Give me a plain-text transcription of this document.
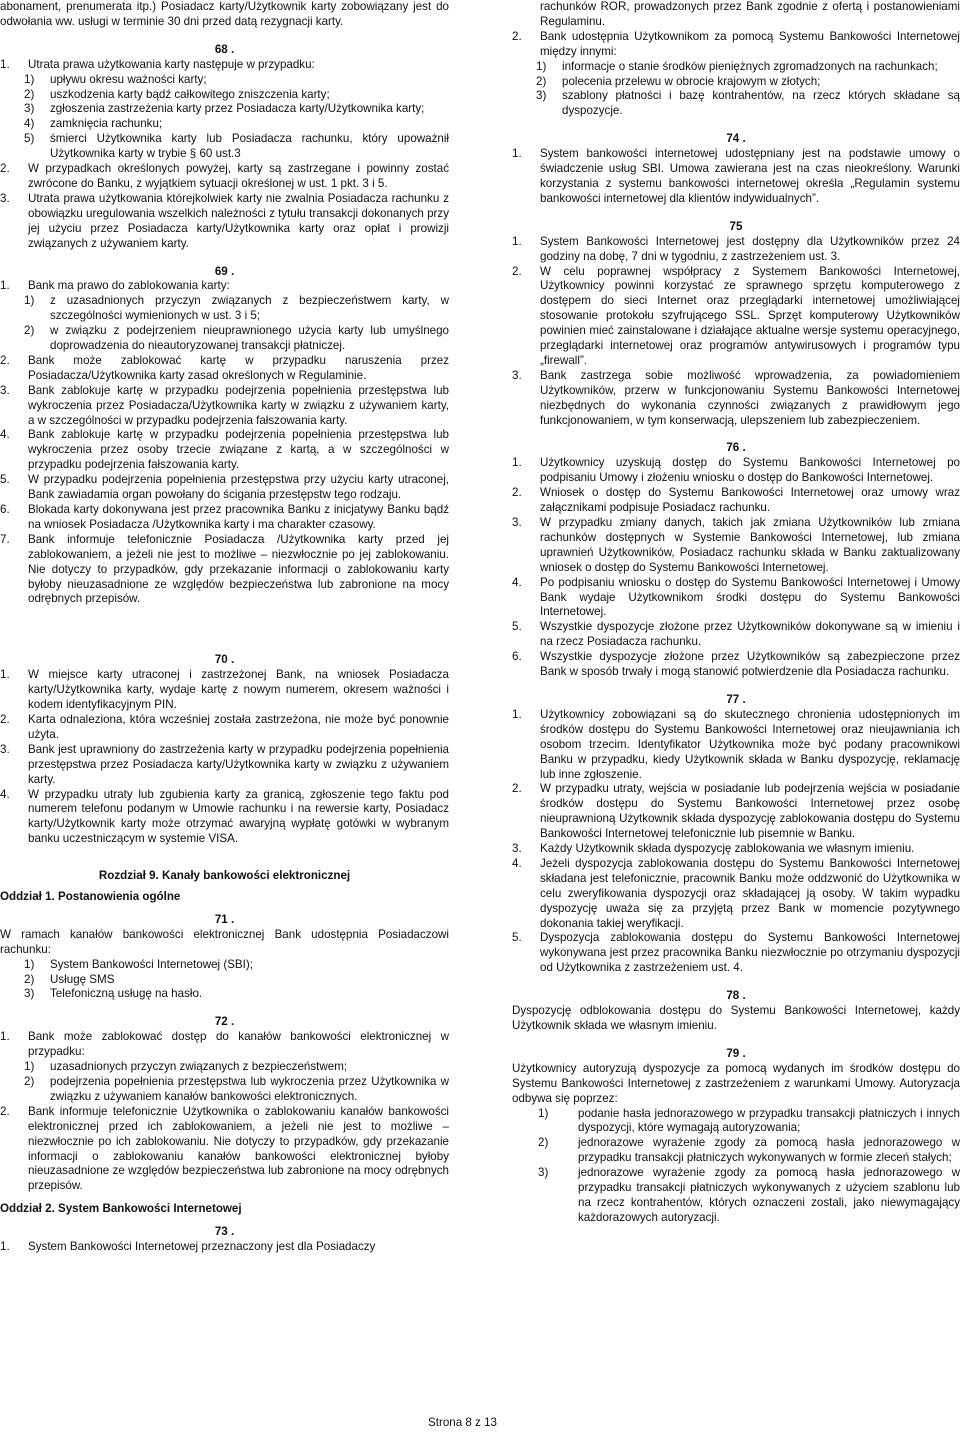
abonament, prenumerata itp.) Posiadacz karty/Użytkownik karty zobowiązany jest do odwołania ww. usługi w terminie 30 dni przed datą rezygnacji karty.
68 .
1.	Utrata prawa użytkowania karty następuje w przypadku:
1)	upływu okresu ważności karty;
2)	uszkodzenia karty bądź całkowitego zniszczenia karty;
3)	zgłoszenia zastrzeżenia karty przez Posiadacza karty/Użytkownika karty;
4)	zamknięcia rachunku;
5)	śmierci Użytkownika karty lub Posiadacza rachunku, który upoważnił Użytkownika karty w trybie § 60 ust.3
2.	W przypadkach określonych powyżej, karty są zastrzegane i powinny zostać zwrócone do Banku, z wyjątkiem sytuacji określonej w ust. 1 pkt. 3 i 5.
3.	Utrata prawa użytkowania którejkolwiek karty nie zwalnia Posiadacza rachunku z obowiązku uregulowania wszelkich należności z tytułu transakcji dokonanych przy jej użyciu przez Posiadacza karty/Użytkownika karty oraz opłat i prowizji związanych z używaniem karty.
69 .
1.	Bank ma prawo do zablokowania karty:
1)	z uzasadnionych przyczyn związanych z bezpieczeństwem karty, w szczególności wymienionych w ust. 3 i 5;
2)	w związku z podejrzeniem nieuprawnionego użycia karty lub umyślnego doprowadzenia do nieautoryzowanej transakcji płatniczej.
2.	Bank może zablokować kartę w przypadku naruszenia przez Posiadacza/Użytkownika karty zasad określonych w Regulaminie.
3.	Bank zablokuje kartę w przypadku podejrzenia popełnienia przestępstwa lub wykroczenia przez Posiadacza/Użytkownika karty w związku z używaniem karty, a w szczególności w przypadku podejrzenia fałszowania karty.
4.	Bank zablokuje kartę w przypadku podejrzenia popełnienia przestępstwa lub wykroczenia przez osoby trzecie związane z kartą, a w szczególności w przypadku podejrzenia fałszowania karty.
5.	W przypadku podejrzenia popełnienia przestępstwa przy użyciu karty utraconej, Bank zawiadamia organ powołany do ścigania przestępstw tego rodzaju.
6.	Blokada karty dokonywana jest przez pracownika Banku z inicjatywy Banku bądź na wniosek Posiadacza /Użytkownika karty i ma charakter czasowy.
7.	Bank informuje telefonicznie Posiadacza /Użytkownika karty przed jej zablokowaniem, a jeżeli nie jest to możliwe – niezwłocznie po jej zablokowaniu. Nie dotyczy to przypadków, gdy przekazanie informacji o zablokowaniu karty byłoby nieuzasadnione ze względów bezpieczeństwa lub zabronione na mocy odrębnych przepisów.
70 .
1.	W miejsce karty utraconej i zastrzeżonej Bank, na wniosek Posiadacza karty/Użytkownika karty, wydaje kartę z nowym numerem, okresem ważności i kodem identyfikacyjnym PIN.
2.	Karta odnaleziona, która wcześniej została zastrzeżona, nie może być ponownie użyta.
3.	Bank jest uprawniony do zastrzeżenia karty w przypadku podejrzenia popełnienia przestępstwa przez Posiadacza karty/Użytkownika karty w związku z używaniem karty.
4.	W przypadku utraty lub zgubienia karty za granicą, zgłoszenie tego faktu pod numerem telefonu podanym w Umowie rachunku i na rewersie karty, Posiadacz karty/Użytkownik karty może otrzymać awaryjną wypłatę gotówki w wybranym banku uczestniczącym w systemie VISA.
Rozdział 9. Kanały bankowości elektronicznej
Oddział 1. Postanowienia ogólne
71 .
W ramach kanałów bankowości elektronicznej Bank udostępnia Posiadaczowi rachunku:
1)	System Bankowości Internetowej (SBI);
2)	Usługę SMS
3)	Telefoniczną usługę na hasło.
72 .
1.	Bank może zablokować dostęp do kanałów bankowości elektronicznej w przypadku:
1)	uzasadnionych przyczyn związanych z bezpieczeństwem;
2)	podejrzenia popełnienia przestępstwa lub wykroczenia przez Użytkownika w związku z używaniem kanałów bankowości elektronicznych.
2.	Bank informuje telefonicznie Użytkownika o zablokowaniu kanałów bankowości elektronicznej przed ich zablokowaniem, a jeżeli nie jest to możliwe – niezwłocznie po ich zablokowaniu. Nie dotyczy to przypadków, gdy przekazanie informacji o zablokowaniu kanałów bankowości elektronicznej byłoby nieuzasadnione ze względów bezpieczeństwa lub zabronione na mocy odrębnych przepisów.
Oddział 2. System Bankowości Internetowej
73 .
1.	System Bankowości Internetowej przeznaczony jest dla Posiadaczy
rachunków ROR, prowadzonych przez Bank zgodnie z ofertą i postanowieniami Regulaminu.
2.	Bank udostępnia Użytkownikom za pomocą Systemu Bankowości Internetowej między innymi:
1)	informacje o stanie środków pieniężnych zgromadzonych na rachunkach;
2)	polecenia przelewu w obrocie krajowym w złotych;
3)	szablony płatności i bazę kontrahentów, na rzecz których składane są dyspozycje.
74 .
1.	System bankowości internetowej udostępniany jest na podstawie umowy o świadczenie usług SBI. Umowa zawierana jest na czas nieokreślony. Warunki korzystania z systemu bankowości internetowej określa „Regulamin systemu bankowości internetowej dla klientów indywidualnych”.
75
1.	System Bankowości Internetowej jest dostępny dla Użytkowników przez 24 godziny na dobę, 7 dni w tygodniu, z zastrzeżeniem ust. 3.
2.	W celu poprawnej współpracy z Systemem Bankowości Internetowej, Użytkownicy powinni korzystać ze sprawnego sprzętu komputerowego z dostępem do sieci Internet oraz przeglądarki internetowej umożliwiającej stosowanie protokołu szyfrującego SSL. Sprzęt komputerowy Użytkowników powinien mieć zainstalowane i działające aktualne wersje systemu operacyjnego, przeglądarki internetowej oraz programów antywirusowych i programów typu „firewall”.
3.	Bank zastrzega sobie możliwość wprowadzenia, za powiadomieniem Użytkowników, przerw w funkcjonowaniu Systemu Bankowości Internetowej niezbędnych do wykonania czynności związanych z prawidłowym jego funkcjonowaniem, w tym konserwacją, ulepszeniem lub zabezpieczeniem.
76 .
1.	Użytkownicy uzyskują dostęp do Systemu Bankowości Internetowej po podpisaniu Umowy i złożeniu wniosku o dostęp do Bankowości Internetowej.
2.	Wniosek o dostęp do Systemu Bankowości Internetowej oraz umowy wraz załącznikami podpisuje Posiadacz rachunku.
3.	W przypadku zmiany danych, takich jak zmiana Użytkowników lub zmiana rachunków dostępnych w Systemie Bankowości Internetowej, lub zmiana uprawnień Użytkowników, Posiadacz rachunku składa w Banku zaktualizowany wniosek o dostęp do Systemu Bankowości Internetowej.
4.	Po podpisaniu wniosku o dostęp do Systemu Bankowości Internetowej i Umowy Bank wydaje Użytkownikom środki dostępu do Systemu Bankowości Internetowej.
5.	Wszystkie dyspozycje złożone przez Użytkowników dokonywane są w imieniu i na rzecz Posiadacza rachunku.
6.	Wszystkie dyspozycje złożone przez Użytkowników są zabezpieczone przez Bank w sposób trwały i mogą stanowić potwierdzenie dla Posiadacza rachunku.
77 .
1.	Użytkownicy zobowiązani są do skutecznego chronienia udostępnionych im środków dostępu do Systemu Bankowości Internetowej oraz nieujawniania ich osobom trzecim. Identyfikator Użytkownika może być podany pracownikowi Banku w przypadku, kiedy Użytkownik składa w Banku dyspozycję, reklamację lub inne zgłoszenie.
2.	W przypadku utraty, wejścia w posiadanie lub podejrzenia wejścia w posiadanie środków dostępu do Systemu Bankowości Internetowej przez osobę nieuprawnioną Użytkownik składa dyspozycję zablokowania dostępu do Systemu Bankowości Internetowej telefonicznie lub pisemnie w Banku.
3.	Każdy Użytkownik składa dyspozycję zablokowania we własnym imieniu.
4.	Jeżeli dyspozycja zablokowania dostępu do Systemu Bankowości Internetowej składana jest telefonicznie, pracownik Banku może oddzwonić do Użytkownika w celu zweryfikowania dyspozycji oraz składającej ją osoby. W takim wypadku dyspozycję uważa się za przyjętą przez Bank w momencie pozytywnego dokonania takiej weryfikacji.
5.	Dyspozycja zablokowania dostępu do Systemu Bankowości Internetowej wykonywana jest przez pracownika Banku niezwłocznie po otrzymaniu dyspozycji od Użytkownika z zastrzeżeniem ust. 4.
78 .
Dyspozycję odblokowania dostępu do Systemu Bankowości Internetowej, każdy Użytkownik składa we własnym imieniu.
79 .
Użytkownicy autoryzują dyspozycje za pomocą wydanych im środków dostępu do Systemu Bankowości Internetowej z zastrzeżeniem z warunkami Umowy. Autoryzacja odbywa się poprzez:
1)	podanie hasła jednorazowego w przypadku transakcji płatniczych i innych dyspozycji, które wymagają autoryzowania;
2)	jednorazowe wyrażenie zgody za pomocą hasła jednorazowego w przypadku transakcji płatniczych wykonywanych w formie zleceń stałych;
3)	jednorazowe wyrażenie zgody za pomocą hasła jednorazowego w przypadku transakcji płatniczych wykonywanych z użyciem szablonu lub na rzecz kontrahentów, których oznaczeni zostali, jako niewymagający każdorazowych autoryzacji.
Strona 8 z 13
